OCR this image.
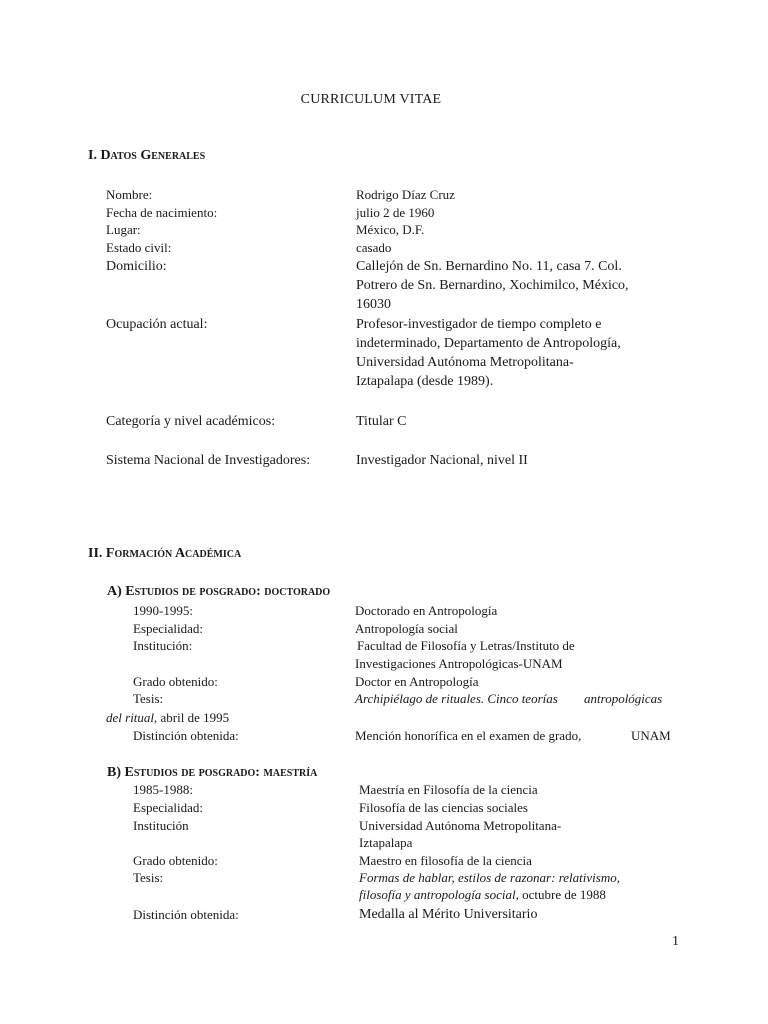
CURRICULUM VITAE
I. Datos Generales
Nombre:	Rodrigo Díaz Cruz
Fecha de nacimiento:	julio 2 de 1960
Lugar:	México, D.F.
Estado civil:	casado
Domicilio:	Callejón de Sn. Bernardino No. 11, casa 7. Col.
Potrero de Sn. Bernardino, Xochimilco, México,
16030
Ocupación actual:	Profesor-investigador de tiempo completo e
indeterminado, Departamento de Antropología,
Universidad Autónoma Metropolitana-
Iztapalapa (desde 1989).
Categoría y nivel académicos:	Titular C
Sistema Nacional de Investigadores:	Investigador Nacional, nivel II
II. Formación Académica
A) Estudios de posgrado: doctorado
1990-1995:	Doctorado en Antropología
Especialidad:	Antropología social
Institución:	Facultad de Filosofía y Letras/Instituto de
Investigaciones Antropológicas-UNAM
Grado obtenido:	Doctor en Antropología
Tesis:	Archipiélago de rituales. Cinco teorías antropológicas
del ritual, abril de 1995
Distinción obtenida:	Mención honorífica en el examen de grado,	UNAM
B) Estudios de posgrado: maestría
1985-1988:	Maestría en Filosofía de la ciencia
Especialidad:	Filosofía de las ciencias sociales
Institución	Universidad Autónoma Metropolitana-
Iztapalapa
Grado obtenido:	Maestro en filosofía de la ciencia
Tesis:	Formas de hablar, estilos de razonar: relativismo,
filosofía y antropología social, octubre de 1988
Distinción obtenida:	Medalla al Mérito Universitario
1
